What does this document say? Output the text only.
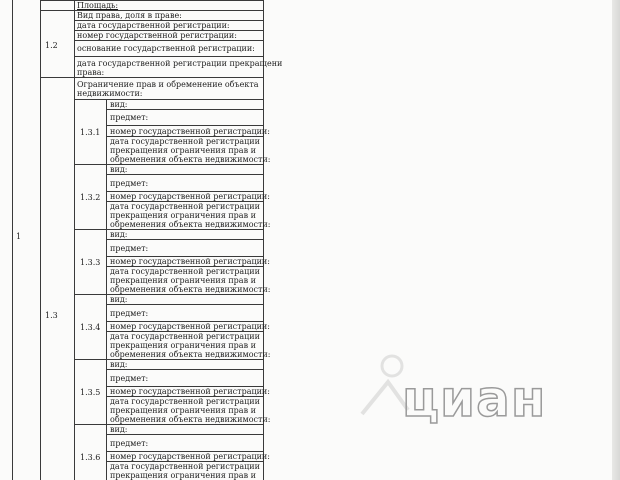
1
Площадь:
1.2
Вид права, доля в праве:
дата государственной регистрации:
номер государственной регистрации:
основание государственной регистрации:
дата государственной регистрации прекращени
права:
1.3
Ограничение прав и обременение объекта
недвижимости:
1.3.1
вид:
предмет:
номер государственной регистрации:
дата государственной регистрации
прекращения ограничения прав и
обременения объекта недвижимости:
1.3.2
вид:
предмет:
номер государственной регистрации:
дата государственной регистрации
прекращения ограничения прав и
обременения объекта недвижимости:
1.3.3
вид:
предмет:
номер государственной регистрации:
дата государственной регистрации
прекращения ограничения прав и
обременения объекта недвижимости:
1.3.4
вид:
предмет:
номер государственной регистрации:
дата государственной регистрации
прекращения ограничения прав и
обременения объекта недвижимости:
1.3.5
вид:
предмет:
номер государственной регистрации:
дата государственной регистрации
прекращения ограничения прав и
обременения объекта недвижимости:
1.3.6
вид:
предмет:
номер государственной регистрации:
дата государственной регистрации
прекращения ограничения прав и
циан
